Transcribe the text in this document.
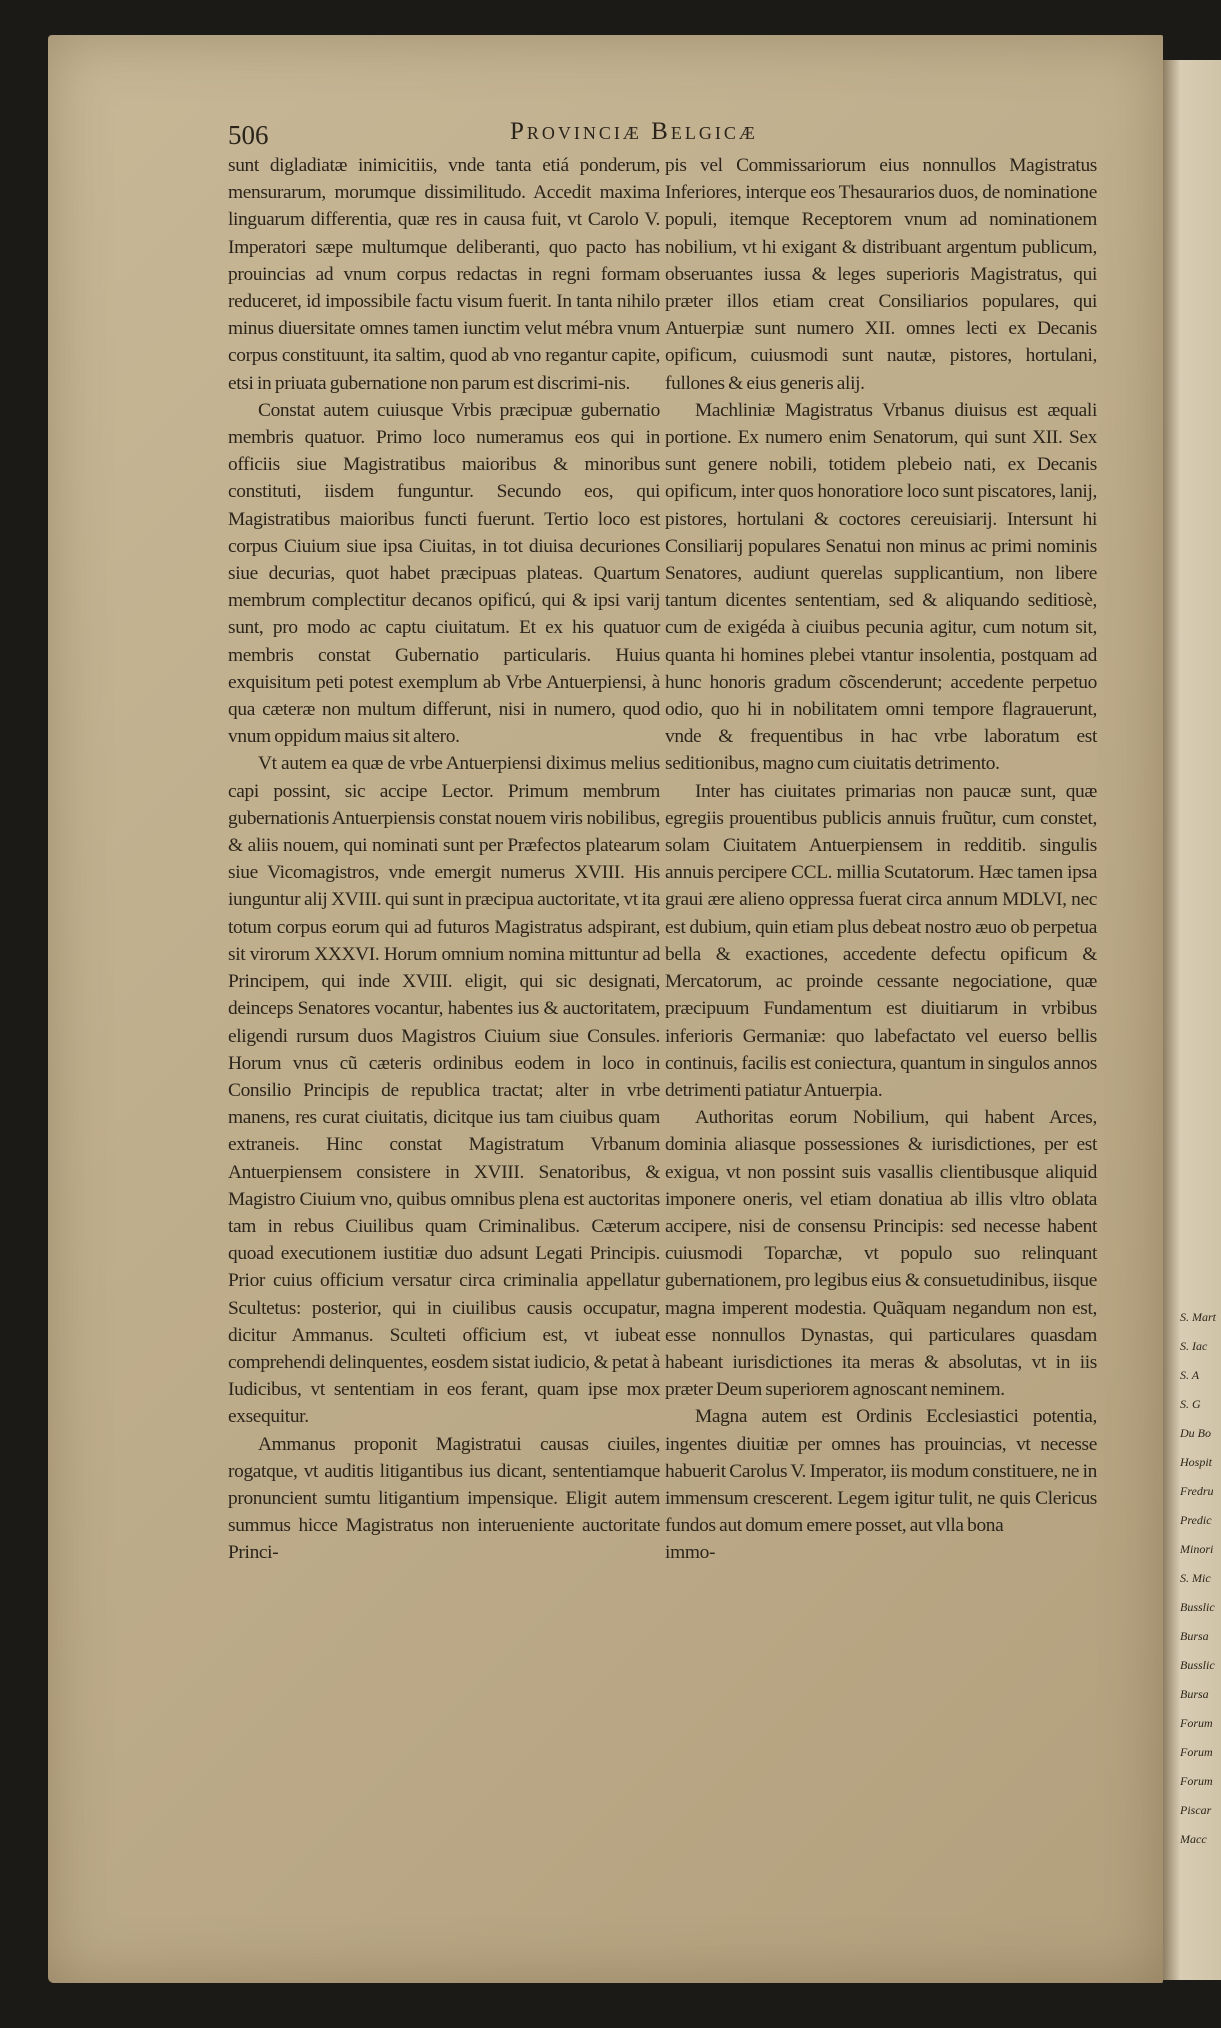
S. Mart
S. Iac
S. A
S. G
Du Bo
Hospit
Fredru
Predic
Minori
S. Mic
Busslic
Bursa
Busslic
Bursa
Forum
Forum
Forum
Piscar
Macc
506	Provinciæ Belgicæ

sunt digladiatæ inimicitiis, vnde tanta etiá ponderum, mensurarum, morumque dissimilitudo. Accedit maxima linguarum differentia, quæ res in causa fuit, vt Carolo V. Imperatori sæpe multumque deliberanti, quo pacto has prouincias ad vnum corpus redactas in regni formam reduceret, id impossibile factu visum fuerit. In tanta nihilo minus diuersitate omnes tamen iunctim velut mébra vnum corpus constituunt, ita saltim, quod ab vno regantur capite, etsi in priuata gubernatione non parum est discrimi-nis.

Constat autem cuiusque Vrbis præcipuæ gubernatio membris quatuor. Primo loco numeramus eos qui in officiis siue Magistratibus maioribus & minoribus constituti, iisdem funguntur. Secundo eos, qui Magistratibus maioribus functi fuerunt. Tertio loco est corpus Ciuium siue ipsa Ciuitas, in tot diuisa decuriones siue decurias, quot habet præcipuas plateas. Quartum membrum complectitur decanos opificú, qui & ipsi varij sunt, pro modo ac captu ciuitatum. Et ex his quatuor membris constat Gubernatio particularis. Huius exquisitum peti potest exemplum ab Vrbe Antuerpiensi, à qua cæteræ non multum differunt, nisi in numero, quod vnum oppidum maius sit altero.

Vt autem ea quæ de vrbe Antuerpiensi diximus melius capi possint, sic accipe Lector. Primum membrum gubernationis Antuerpiensis constat nouem viris nobilibus, & aliis nouem, qui nominati sunt per Præfectos platearum siue Vicomagistros, vnde emergit numerus XVIII. His iunguntur alij XVIII. qui sunt in præcipua auctoritate, vt ita totum corpus eorum qui ad futuros Magistratus adspirant, sit virorum XXXVI. Horum omnium nomina mittuntur ad Principem, qui inde XVIII. eligit, qui sic designati, deinceps Senatores vocantur, habentes ius & auctoritatem, eligendi rursum duos Magistros Ciuium siue Consules. Horum vnus cũ cæteris ordinibus eodem in loco in Consilio Principis de republica tractat; alter in vrbe manens, res curat ciuitatis, dicitque ius tam ciuibus quam extraneis. Hinc constat Magistratum Vrbanum Antuerpiensem consistere in XVIII. Senatoribus, & Magistro Ciuium vno, quibus omnibus plena est auctoritas tam in rebus Ciuilibus quam Criminalibus. Cæterum quoad executionem iustitiæ duo adsunt Legati Principis. Prior cuius officium versatur circa criminalia appellatur Scultetus: posterior, qui in ciuilibus causis occupatur, dicitur Ammanus. Sculteti officium est, vt iubeat comprehendi delinquentes, eosdem sistat iudicio, & petat à Iudicibus, vt sententiam in eos ferant, quam ipse mox exsequitur.

Ammanus proponit Magistratui causas ciuiles, rogatque, vt auditis litigantibus ius dicant, sententiamque pronuncient sumtu litigantium impensique. Eligit autem summus hicce Magistratus non interueniente auctoritate Princi-

pis vel Commissariorum eius nonnullos Magistratus Inferiores, interque eos Thesaurarios duos, de nominatione populi, itemque Receptorem vnum ad nominationem nobilium, vt hi exigant & distribuant argentum publicum, obseruantes iussa & leges superioris Magistratus, qui præter illos etiam creat Consiliarios populares, qui Antuerpiæ sunt numero XII. omnes lecti ex Decanis opificum, cuiusmodi sunt nautæ, pistores, hortulani, fullones & eius generis alij.

Machliniæ Magistratus Vrbanus diuisus est æquali portione. Ex numero enim Senatorum, qui sunt XII. Sex sunt genere nobili, totidem plebeio nati, ex Decanis opificum, inter quos honoratiore loco sunt piscatores, lanij, pistores, hortulani & coctores cereuisiarij. Intersunt hi Consiliarij populares Senatui non minus ac primi nominis Senatores, audiunt querelas supplicantium, non libere tantum dicentes sententiam, sed & aliquando seditiosè, cum de exigéda à ciuibus pecunia agitur, cum notum sit, quanta hi homines plebei vtantur insolentia, postquam ad hunc honoris gradum cõscenderunt; accedente perpetuo odio, quo hi in nobilitatem omni tempore flagrauerunt, vnde & frequentibus in hac vrbe laboratum est seditionibus, magno cum ciuitatis detrimento.

Inter has ciuitates primarias non paucæ sunt, quæ egregiis prouentibus publicis annuis fruũtur, cum constet, solam Ciuitatem Antuerpiensem in redditib. singulis annuis percipere CCL. millia Scutatorum. Hæc tamen ipsa graui ære alieno oppressa fuerat circa annum MDLVI, nec est dubium, quin etiam plus debeat nostro æuo ob perpetua bella & exactiones, accedente defectu opificum & Mercatorum, ac proinde cessante negociatione, quæ præcipuum Fundamentum est diuitiarum in vrbibus inferioris Germaniæ: quo labefactato vel euerso bellis continuis, facilis est coniectura, quantum in singulos annos detrimenti patiatur Antuerpia.

Authoritas eorum Nobilium, qui habent Arces, dominia aliasque possessiones & iurisdictiones, per est exigua, vt non possint suis vasallis clientibusque aliquid imponere oneris, vel etiam donatiua ab illis vltro oblata accipere, nisi de consensu Principis: sed necesse habent cuiusmodi Toparchæ, vt populo suo relinquant gubernationem, pro legibus eius & consuetudinibus, iisque magna imperent modestia. Quãquam negandum non est, esse nonnullos Dynastas, qui particulares quasdam habeant iurisdictiones ita meras & absolutas, vt in iis præter Deum superiorem agnoscant neminem.

Magna autem est Ordinis Ecclesiastici potentia, ingentes diuitiæ per omnes has prouincias, vt necesse habuerit Carolus V. Imperator, iis modum constituere, ne in immensum crescerent. Legem igitur tulit, ne quis Clericus fundos aut domum emere posset, aut vlla bona

immo-
